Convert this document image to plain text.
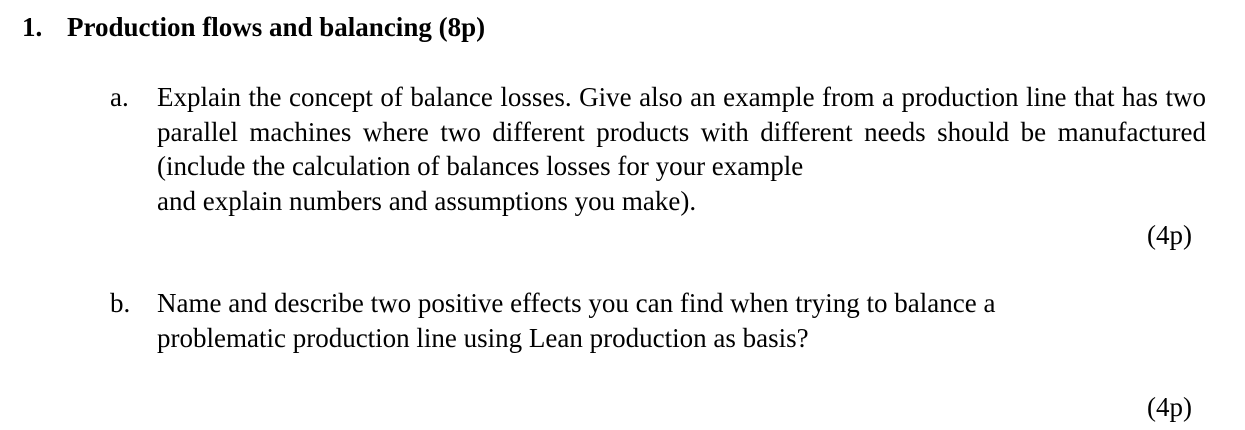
1. Production flows and balancing (8p)
a.	Explain the concept of balance losses. Give also an example from a production line that has two parallel machines where two different products with different needs should be manufactured (include the calculation of balances losses for your example
and explain numbers and assumptions you make).
(4p)
b. Name and describe two positive effects you can find when trying to balance a
problematic production line using Lean production as basis?
(4p)
